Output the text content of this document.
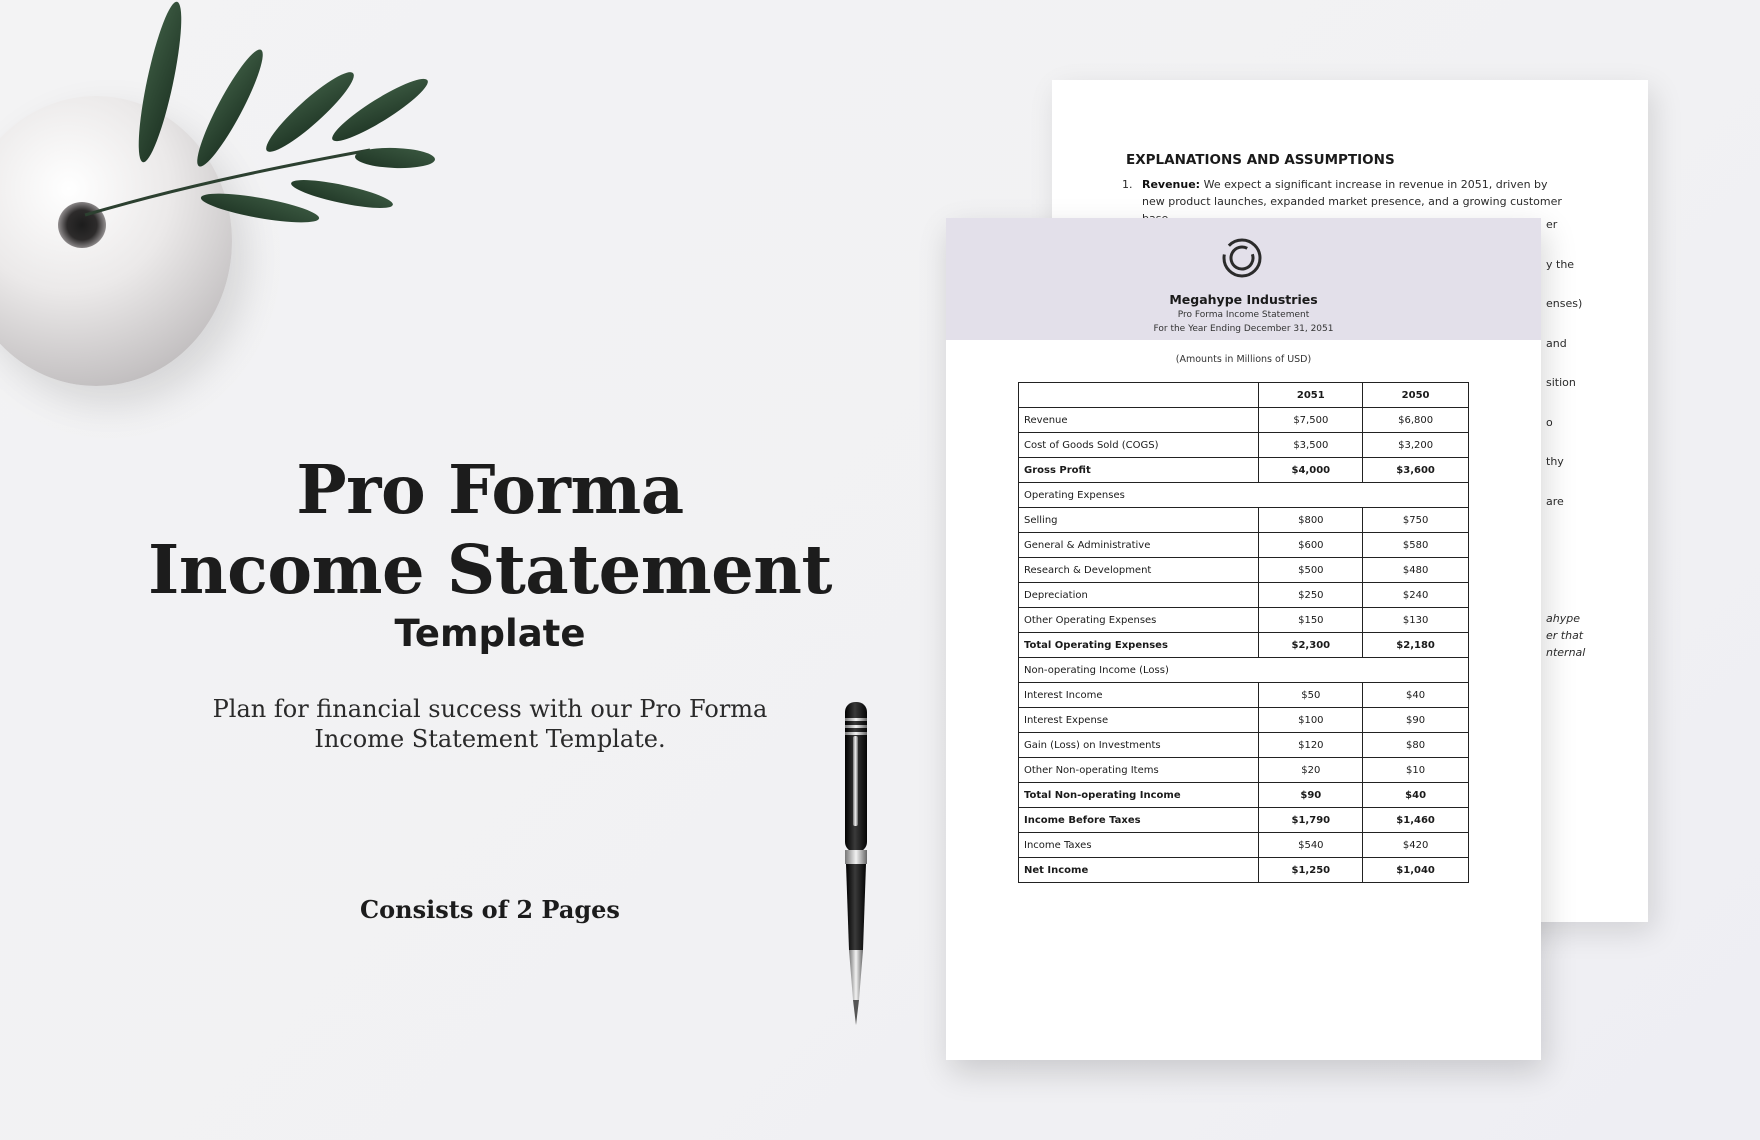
Pro Forma
Income Statement
Template
Plan for financial success with our Pro Forma Income Statement Template.
Consists of 2 Pages
EXPLANATIONS AND ASSUMPTIONS
1. Revenue: We expect a significant increase in revenue in 2051, driven by new product launches, expanded market presence, and a growing customer
er
y the
enses)
and
sition
o
thy
are
ahype
er that
nternal
Megahype Industries
Pro Forma Income Statement
For the Year Ending December 31, 2051
(Amounts in Millions of USD)
	2051	2050
Revenue	$7,500	$6,800
Cost of Goods Sold (COGS)	$3,500	$3,200
Gross Profit	$4,000	$3,600
Operating Expenses		
Selling	$800	$750
General & Administrative	$600	$580
Research & Development	$500	$480
Depreciation	$250	$240
Other Operating Expenses	$150	$130
Total Operating Expenses	$2,300	$2,180
Non-operating Income (Loss)		
Interest Income	$50	$40
Interest Expense	$100	$90
Gain (Loss) on Investments	$120	$80
Other Non-operating Items	$20	$10
Total Non-operating Income	$90	$40
Income Before Taxes	$1,790	$1,460
Income Taxes	$540	$420
Net Income	$1,250	$1,040
